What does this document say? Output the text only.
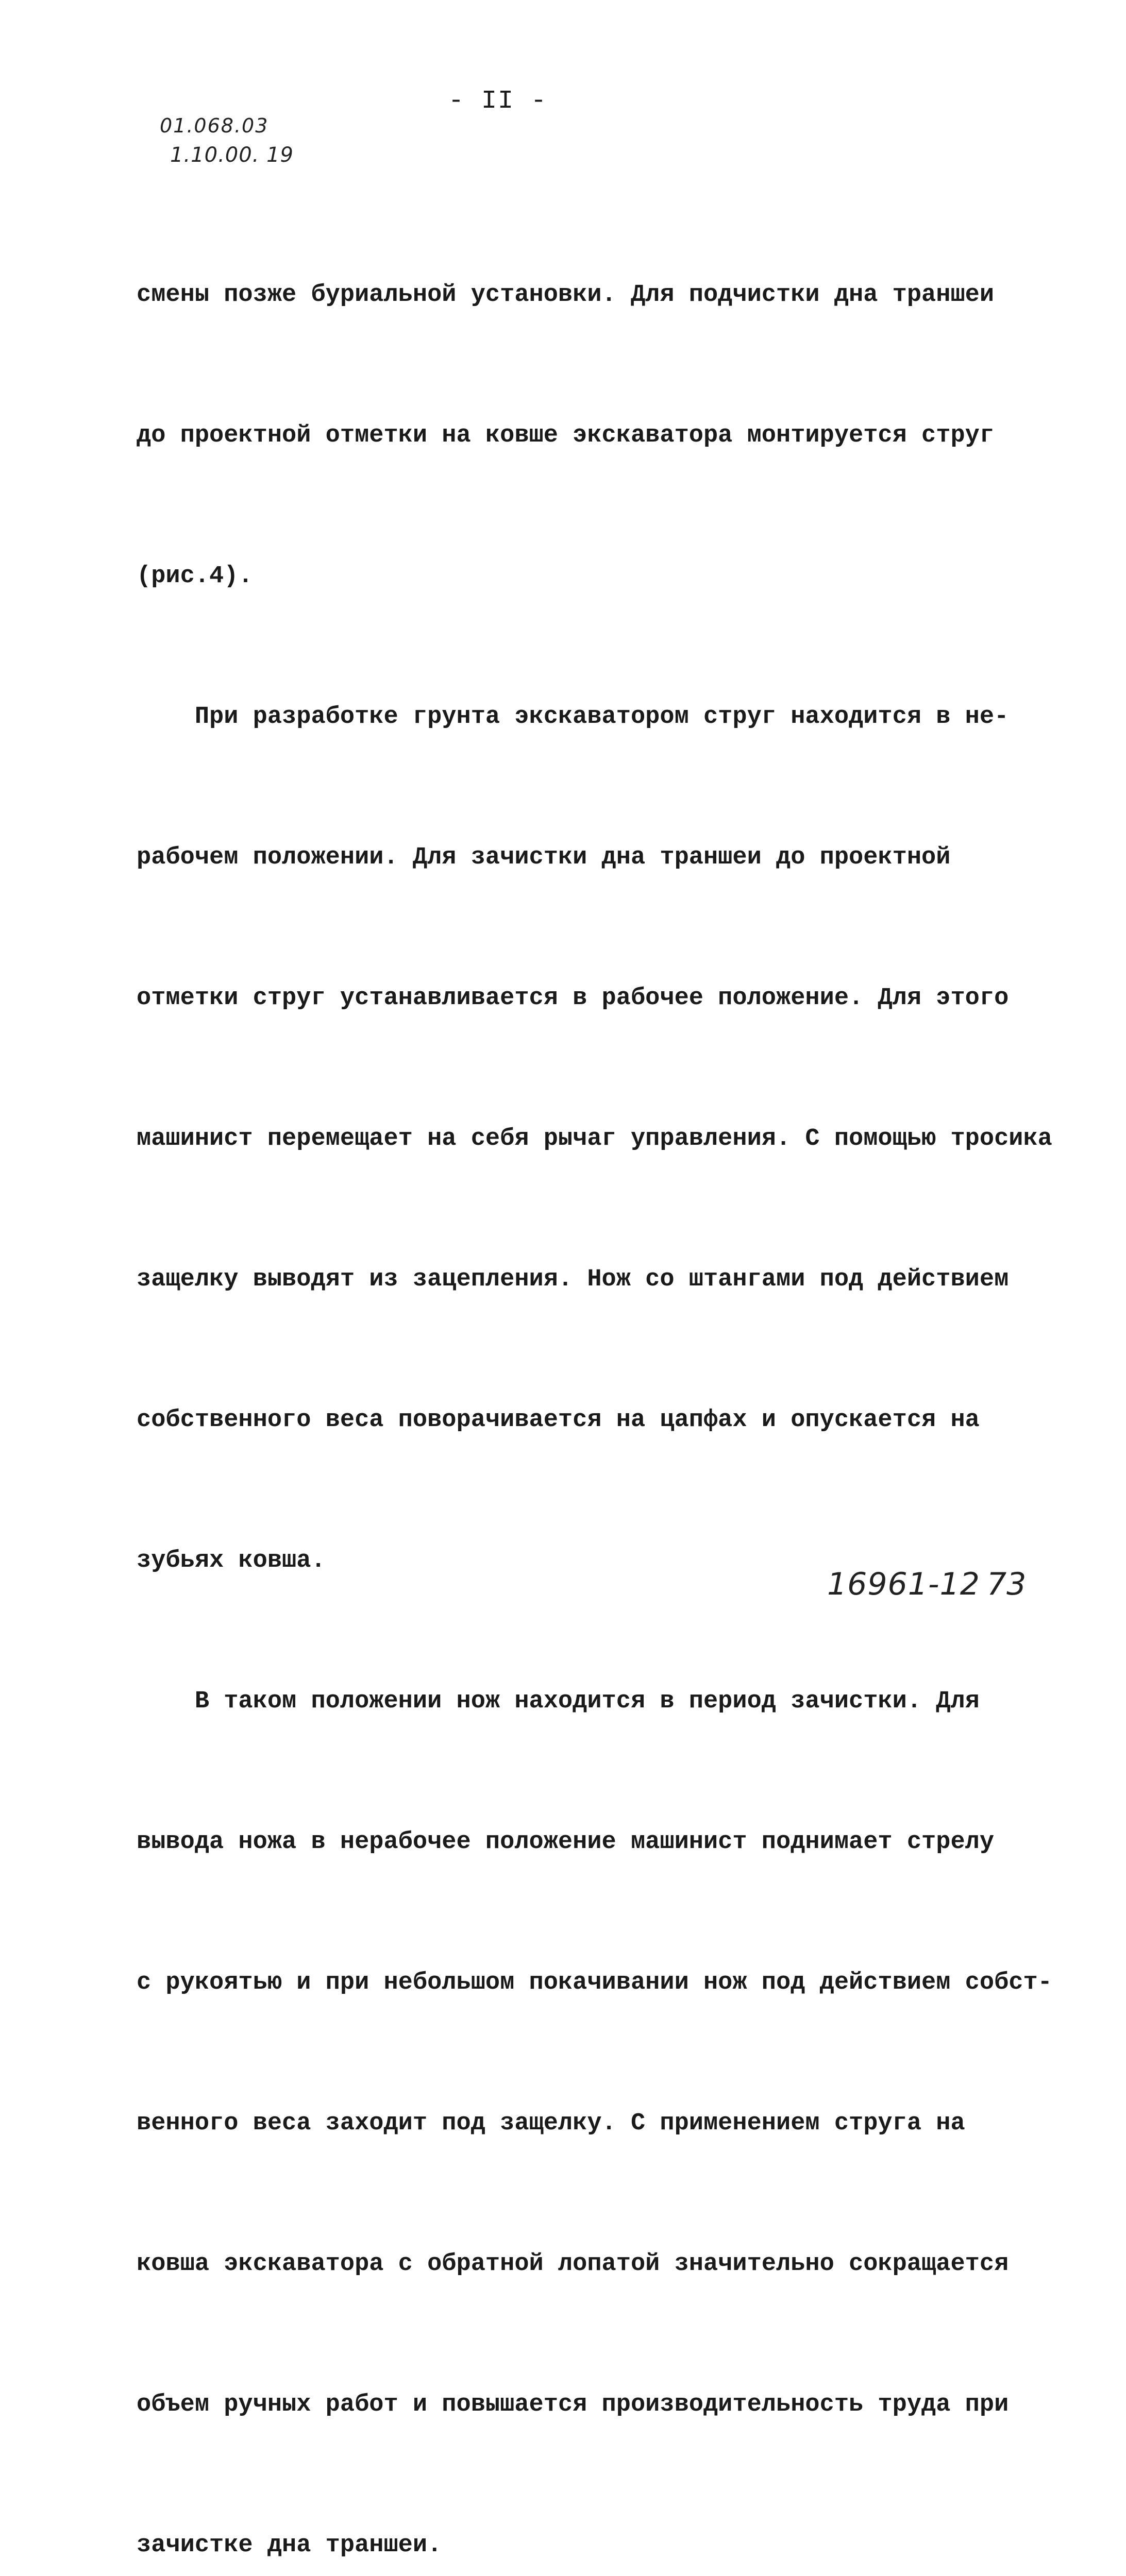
- II -
01.068.03
1.10.00. 19

смены позже буриальной установки. Для подчистки дна траншеи

до проектной отметки на ковше экскаватора монтируется струг

(рис.4).

При разработке грунта экскаватором струг находится в не-

рабочем положении. Для зачистки дна траншеи до проектной

отметки струг устанавливается в рабочее положение. Для этого

машинист перемещает на себя рычаг управления. С помощью тросика

защелку выводят из зацепления. Нож со штангами под действием

собственного веса поворачивается на цапфах и опускается на

зубьях ковша.

В таком положении нож находится в период зачистки. Для

вывода ножа в нерабочее положение машинист поднимает стрелу

с рукоятью и при небольшом покачивании нож под действием собст-

венного веса заходит под защелку. С применением струга на

ковша экскаватора с обратной лопатой значительно сокращается

объем ручных работ и повышается производительность труда при

зачистке дна траншеи.

16961-12 73
